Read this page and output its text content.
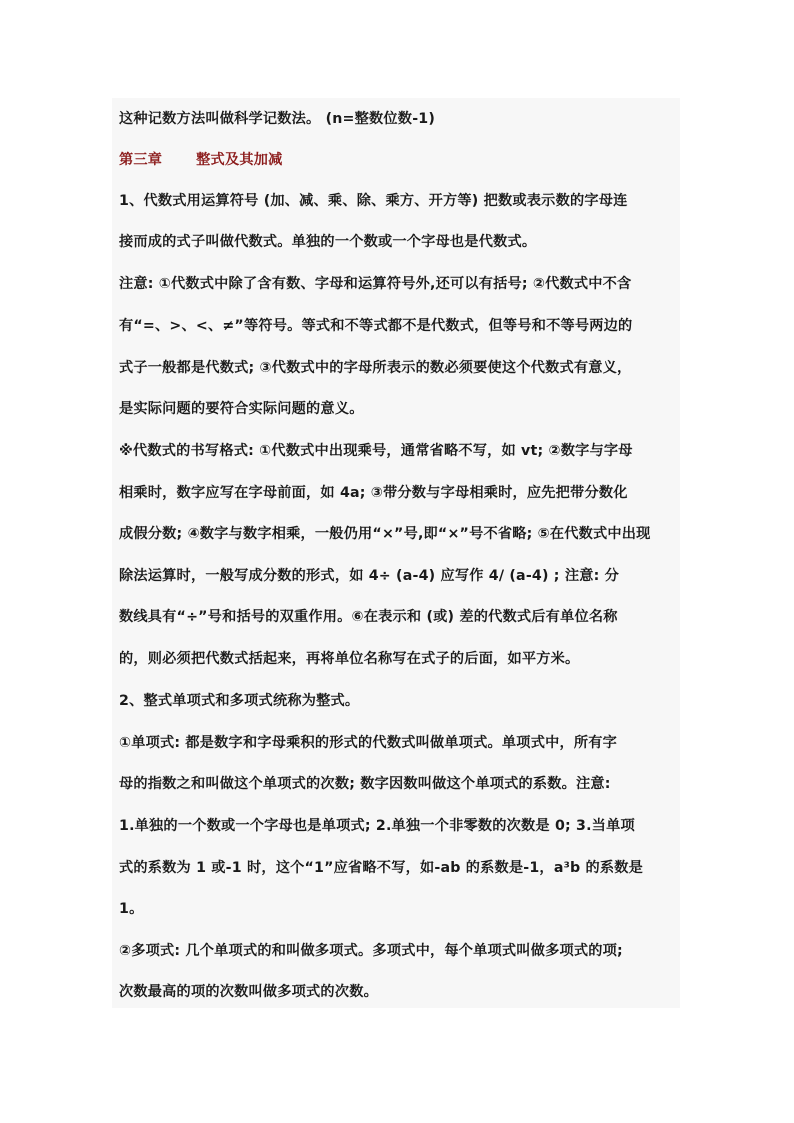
这种记数方法叫做科学记数法。 (n=整数位数-1)
第三章 整式及其加减
1、代数式用运算符号 (加、减、乘、除、乘方、开方等) 把数或表示数的字母连
接而成的式子叫做代数式。单独的一个数或一个字母也是代数式。
注意: ①代数式中除了含有数、字母和运算符号外,还可以有括号; ②代数式中不含
有“=、>、<、≠”等符号。等式和不等式都不是代数式，但等号和不等号两边的
式子一般都是代数式; ③代数式中的字母所表示的数必须要使这个代数式有意义，
是实际问题的要符合实际问题的意义。
※代数式的书写格式: ①代数式中出现乘号，通常省略不写，如 vt; ②数字与字母
相乘时，数字应写在字母前面，如 4a; ③带分数与字母相乘时，应先把带分数化
成假分数; ④数字与数字相乘，一般仍用“×”号,即“×”号不省略; ⑤在代数式中出现
除法运算时，一般写成分数的形式，如 4÷ (a-4) 应写作 4/ (a-4) ; 注意: 分
数线具有“÷”号和括号的双重作用。⑥在表示和 (或) 差的代数式后有单位名称
的，则必须把代数式括起来，再将单位名称写在式子的后面，如平方米。
2、整式单项式和多项式统称为整式。
①单项式: 都是数字和字母乘积的形式的代数式叫做单项式。单项式中，所有字
母的指数之和叫做这个单项式的次数; 数字因数叫做这个单项式的系数。注意:
1.单独的一个数或一个字母也是单项式; 2.单独一个非零数的次数是 0; 3.当单项
式的系数为 1 或-1 时，这个“1”应省略不写，如-ab 的系数是-1，a³b 的系数是
1。
②多项式: 几个单项式的和叫做多项式。多项式中，每个单项式叫做多项式的项;
次数最高的项的次数叫做多项式的次数。
